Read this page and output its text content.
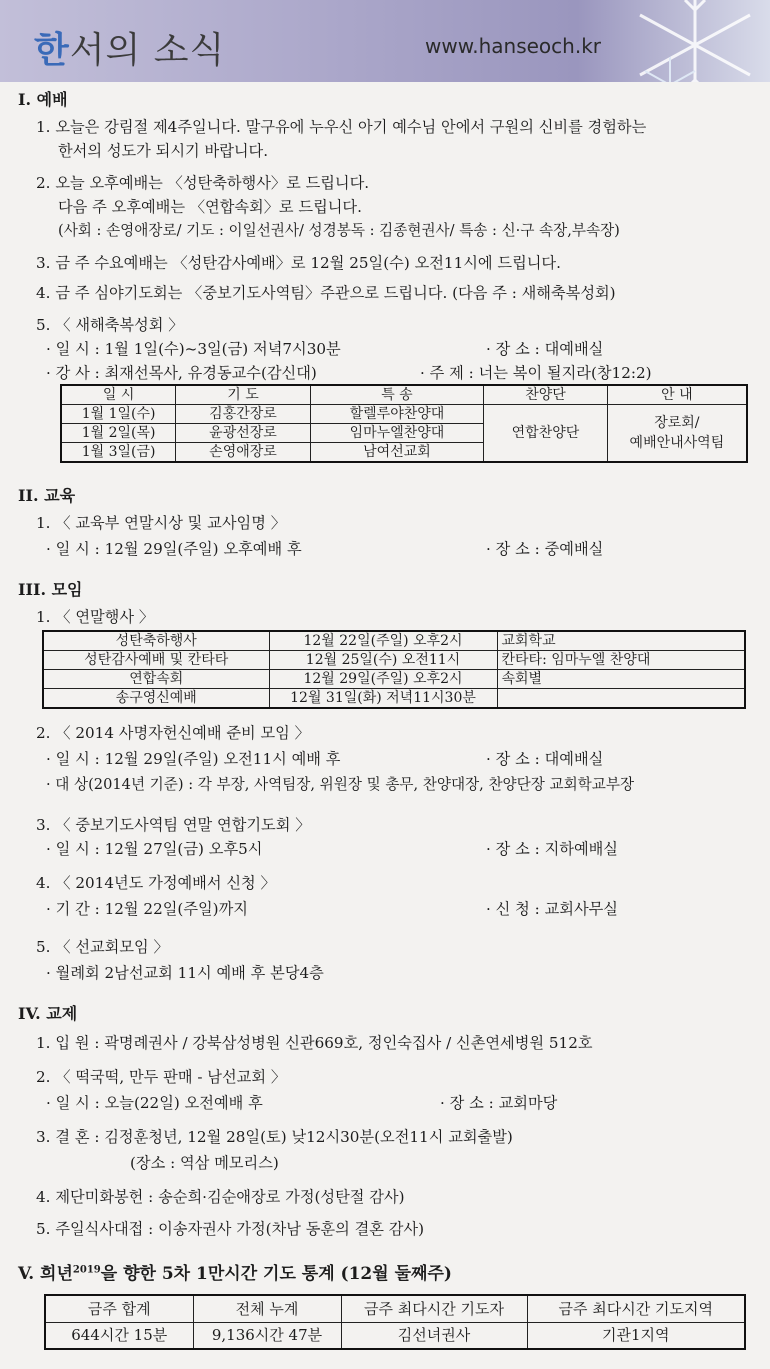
한서의 소식	www.hanseoch.kr
I. 예배
1. 오늘은 강림절 제4주일니다. 말구유에 누우신 아기 예수님 안에서 구원의 신비를 경험하는
한서의 성도가 되시기 바랍니다.
2. 오늘 오후예배는 〈성탄축하행사〉로 드립니다.
다음 주 오후예배는 〈연합속회〉로 드립니다.
(사회 : 손영애장로/ 기도 : 이일선권사/ 성경봉독 : 김종현권사/ 특송 : 신·구 속장,부속장)
3. 금 주 수요예배는 〈성탄감사예배〉로 12월 25일(수) 오전11시에 드립니다.
4. 금 주 심야기도회는 〈중보기도사역팀〉주관으로 드립니다. (다음 주 : 새해축복성회)
5. 〈 새해축복성회 〉
· 일 시 : 1월 1일(수)~3일(금) 저녁7시30분	· 장 소 : 대예배실
· 강 사 : 최재선목사, 유경동교수(감신대)	· 주 제 : 너는 복이 될지라(창12:2)
일 시	기 도	특 송	찬양단	안 내
1월 1일(수)	김홍간장로	할렐루야찬양대	연합찬양단	장로회/
예배안내사역팀

1월 2일(목)	윤광선장로	임마누엘찬양대		
1월 3일(금)	손영애장로	남여선교회		
II. 교육
1. 〈 교육부 연말시상 및 교사임명 〉
· 일 시 : 12월 29일(주일) 오후예배 후	· 장 소 : 중예배실
III. 모임
1. 〈 연말행사 〉
성탄축하행사	12월 22일(주일) 오후2시	교회학교
성탄감사예배 및 칸타타	12월 25일(수) 오전11시	칸타타: 임마누엘 찬양대
연합속회	12월 29일(주일) 오후2시	속회별
송구영신예배	12월 31일(화) 저녁11시30분	
2. 〈 2014 사명자헌신예배 준비 모임 〉
· 일 시 : 12월 29일(주일) 오전11시 예배 후	· 장 소 : 대예배실
· 대 상(2014년 기준) : 각 부장, 사역팀장, 위원장 및 총무, 찬양대장, 찬양단장 교회학교부장
3. 〈 중보기도사역팀 연말 연합기도회 〉
· 일 시 : 12월 27일(금) 오후5시	· 장 소 : 지하예배실
4. 〈 2014년도 가정예배서 신청 〉
· 기 간 : 12월 22일(주일)까지	· 신 청 : 교회사무실
5. 〈 선교회모임 〉
· 월례회 2남선교회 11시 예배 후 본당4층
IV. 교제
1. 입 원 : 곽명례권사 / 강북삼성병원 신관669호, 정인숙집사 / 신촌연세병원 512호
2. 〈 떡국떡, 만두 판매 - 남선교회 〉
· 일 시 : 오늘(22일) 오전예배 후	· 장 소 : 교회마당
3. 결 혼 : 김정훈청년, 12월 28일(토) 낮12시30분(오전11시 교회출발)
(장소 : 역삼 메모리스)
4. 제단미화봉헌 : 송순희·김순애장로 가정(성탄절 감사)
5. 주일식사대접 : 이송자권사 가정(차남 동훈의 결혼 감사)
V. 희년$^{2019}$을 향한 5차 1만시간 기도 통계 (12월 둘째주)
금주 합계	전체 누계	금주 최다시간 기도자	금주 최다시간 기도지역
644시간 15분	9,136시간 47분	김선녀권사	기관1지역
